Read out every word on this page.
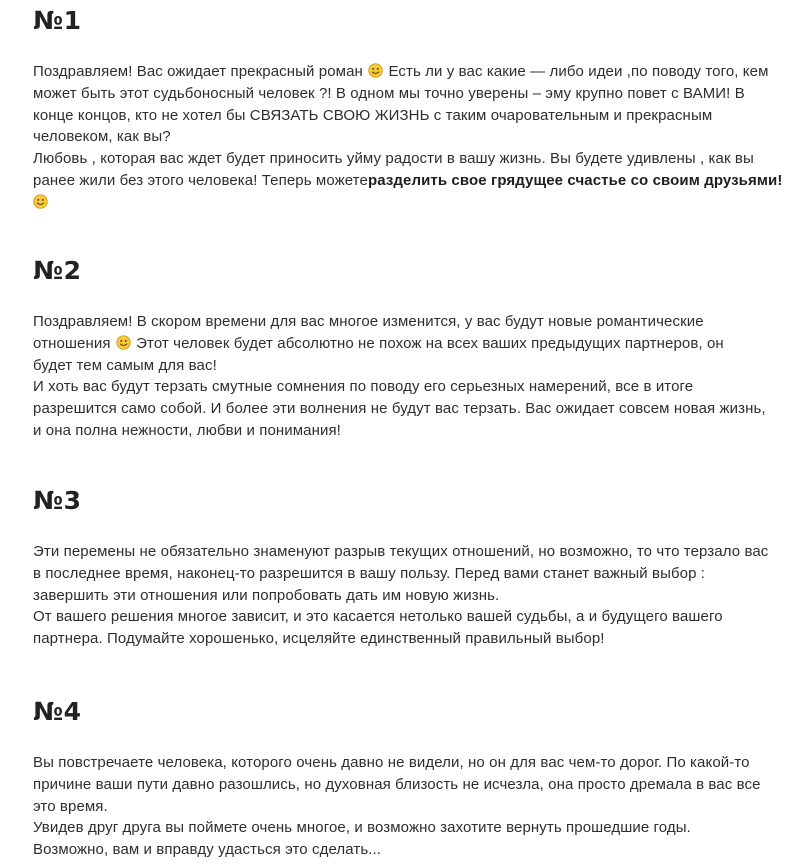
№1
Поздравляем! Вас ожидает прекрасный роман Есть ли у вас какие — либо идеи ,по поводу того, кем
может быть этот судьбоносный человек ?! В одном мы точно уверены – эму крупно повет с ВАМИ! В
конце концов, кто не хотел бы СВЯЗАТЬ СВОЮ ЖИЗНЬ с таким очаровательным и прекрасным
человеком, как вы?
Любовь , которая вас ждет будет приносить уйму радости в вашу жизнь. Вы будете удивлены , как вы
ранее жили без этого человека! Теперь можетеразделить свое грядущее счастье со своим друзьями!
№2
Поздравляем! В скором времени для вас многое изменится, у вас будут новые романтические
отношения Этот человек будет абсолютно не похож на всех ваших предыдущих партнеров, он
будет тем самым для вас!
И хоть вас будут терзать смутные сомнения по поводу его серьезных намерений, все в итоге
разрешится само собой. И более эти волнения не будут вас терзать. Вас ожидает совсем новая жизнь,
и она полна нежности, любви и понимания!
№3
Эти перемены не обязательно знаменуют разрыв текущих отношений, но возможно, то что терзало вас
в последнее время, наконец-то разрешится в вашу пользу. Перед вами станет важный выбор :
завершить эти отношения или попробовать дать им новую жизнь.
От вашего решения многое зависит, и это касается нетолько вашей судьбы, а и будущего вашего
партнера. Подумайте хорошенько, исцеляйте единственный правильный выбор!
№4
Вы повстречаете человека, которого очень давно не видели, но он для вас чем-то дорог. По какой-то
причине ваши пути давно разошлись, но духовная близость не исчезла, она просто дремала в вас все
это время.
Увидев друг друга вы поймете очень многое, и возможно захотите вернуть прошедшие годы.
Возможно, вам и вправду удасться это сделать...
